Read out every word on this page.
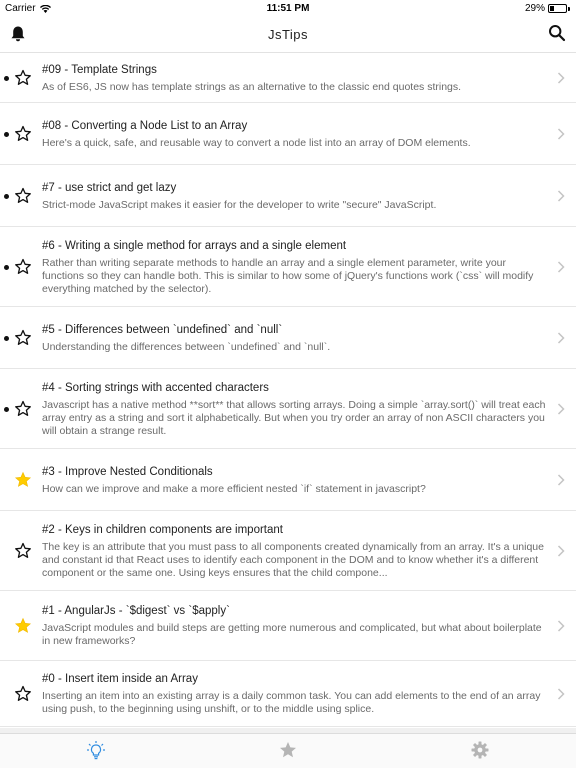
Carrier	11:51 PM	29%
JsTips
#09 - Template Strings
As of ES6, JS now has template strings as an alternative to the classic end quotes strings.
#08 - Converting a Node List to an Array
Here's a quick, safe, and reusable way to convert a node list into an array of DOM elements.
#7 - use strict and get lazy
Strict-mode JavaScript makes it easier for the developer to write "secure" JavaScript.
#6 - Writing a single method for arrays and a single element
Rather than writing separate methods to handle an array and a single element parameter, write your functions so they can handle both. This is similar to how some of jQuery's functions work (`css` will modify everything matched by the selector).
#5 - Differences between `undefined` and `null`
Understanding the differences between `undefined` and `null`.
#4 - Sorting strings with accented characters
Javascript has a native method **sort** that allows sorting arrays. Doing a simple `array.sort()` will treat each array entry as a string and sort it alphabetically. But when you try order an array of non ASCII characters you will obtain a strange result.
#3 - Improve Nested Conditionals
How can we improve and make a more efficient nested `if` statement in javascript?
#2 - Keys in children components are important
The key is an attribute that you must pass to all components created dynamically from an array. It's a unique and constant id that React uses to identify each component in the DOM and to know whether it's a different component or the same one. Using keys ensures that the child compone...
#1 - AngularJs - `$digest` vs `$apply`
JavaScript modules and build steps are getting more numerous and complicated, but what about boilerplate in new frameworks?
#0 - Insert item inside an Array
Inserting an item into an existing array is a daily common task. You can add elements to the end of an array using push, to the beginning using unshift, or to the middle using splice.
